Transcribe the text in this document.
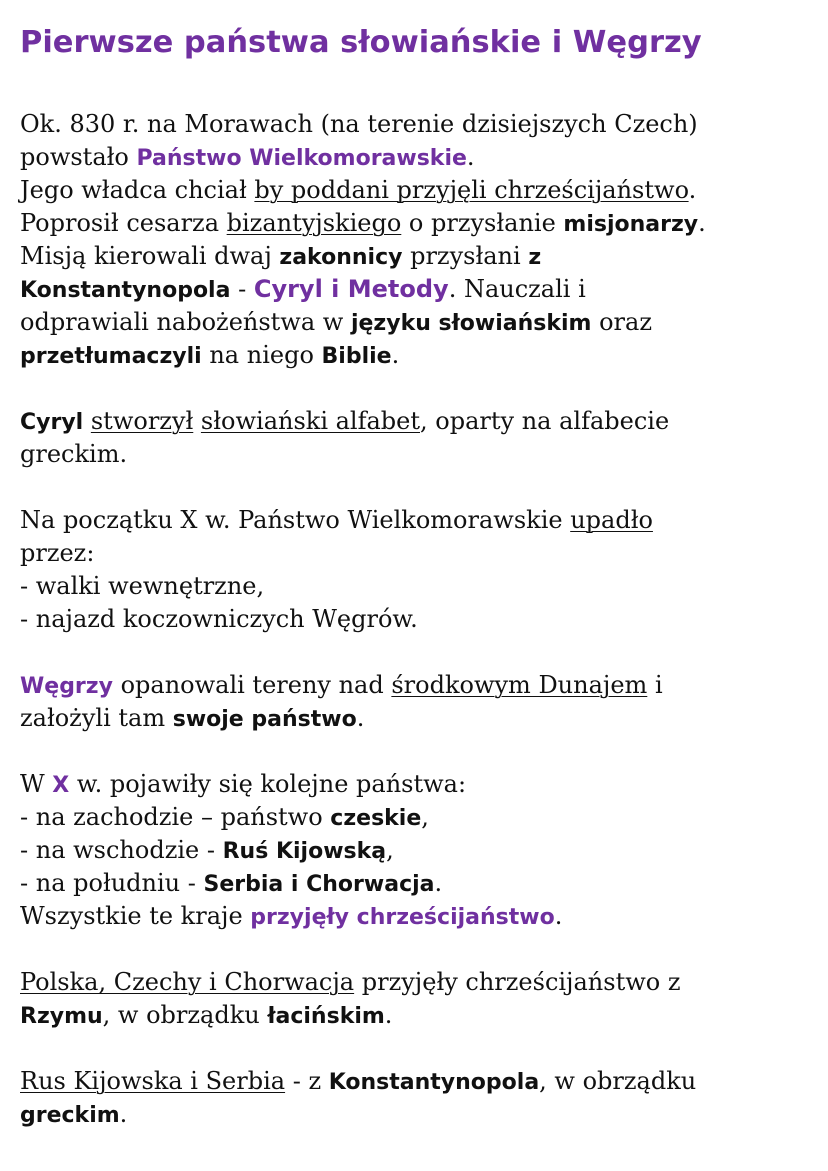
Pierwsze państwa słowiańskie i Węgrzy
Ok. 830 r. na Morawach (na terenie dzisiejszych Czech)
powstało Państwo Wielkomorawskie.
Jego władca chciał by poddani przyjęli chrześcijaństwo.
Poprosił cesarza bizantyjskiego o przysłanie misjonarzy.
Misją kierowali dwaj zakonnicy przysłani z
Konstantynopola - Cyryl i Metody. Nauczali i
odprawiali nabożeństwa w języku słowiańskim oraz
przetłumaczyli na niego Biblie.
Cyryl stworzył słowiański alfabet, oparty na alfabecie
greckim.
Na początku X w. Państwo Wielkomorawskie upadło
przez:
- walki wewnętrzne,
- najazd koczowniczych Węgrów.
Węgrzy opanowali tereny nad środkowym Dunajem i
założyli tam swoje państwo.
W X w. pojawiły się kolejne państwa:
- na zachodzie – państwo czeskie,
- na wschodzie - Ruś Kijowską,
- na południu - Serbia i Chorwacja.
Wszystkie te kraje przyjęły chrześcijaństwo.
Polska, Czechy i Chorwacja przyjęły chrześcijaństwo z
Rzymu, w obrządku łacińskim.
Rus Kijowska i Serbia - z Konstantynopola, w obrządku
greckim.
